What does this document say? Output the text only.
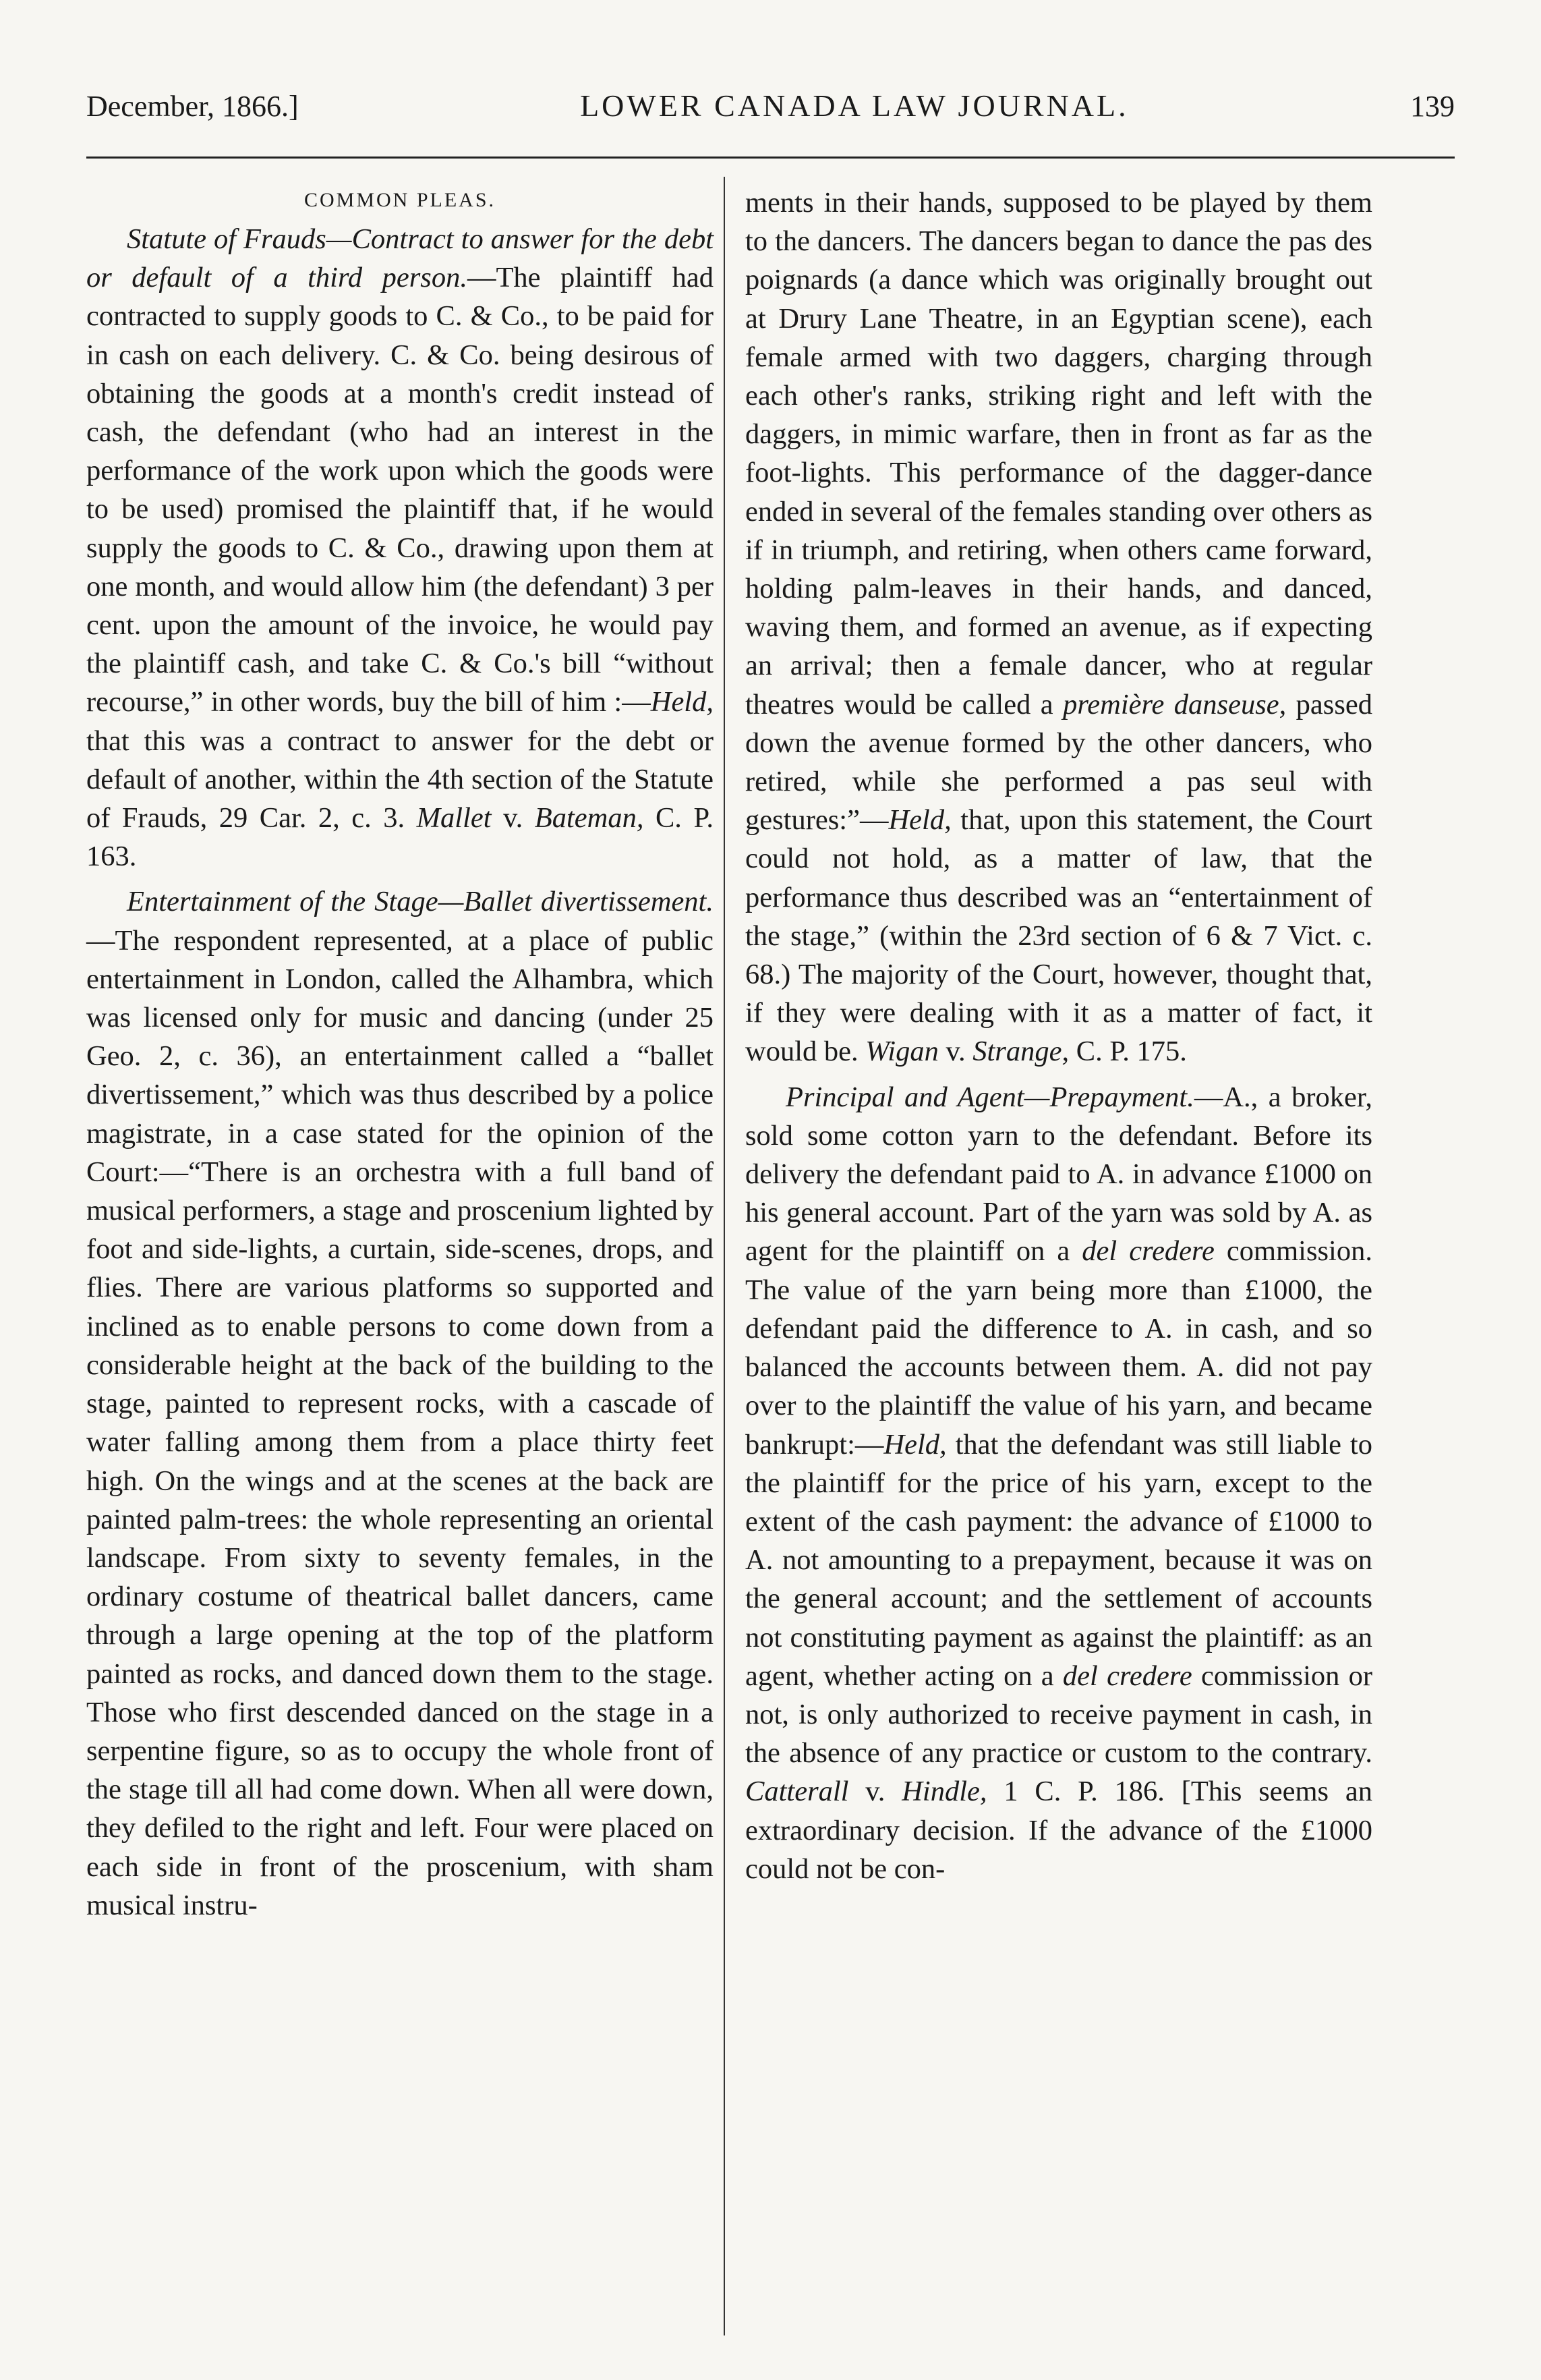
December, 1866.]	LOWER CANADA LAW JOURNAL.	139
COMMON PLEAS.

Statute of Frauds—Contract to answer for the debt or default of a third person.—The plaintiff had contracted to supply goods to C. & Co., to be paid for in cash on each delivery. C. & Co. being desirous of obtaining the goods at a month's credit instead of cash, the defendant (who had an interest in the performance of the work upon which the goods were to be used) promised the plaintiff that, if he would supply the goods to C. & Co., drawing upon them at one month, and would allow him (the defendant) 3 per cent. upon the amount of the invoice, he would pay the plaintiff cash, and take C. & Co.'s bill “without recourse,” in other words, buy the bill of him :—Held, that this was a contract to answer for the debt or default of another, within the 4th section of the Statute of Frauds, 29 Car. 2, c. 3. Mallet v. Bateman, C. P. 163.

Entertainment of the Stage—Ballet divertissement.—The respondent represented, at a place of public entertainment in London, called the Alhambra, which was licensed only for music and dancing (under 25 Geo. 2, c. 36), an entertainment called a “ballet divertissement,” which was thus described by a police magistrate, in a case stated for the opinion of the Court:—“There is an orchestra with a full band of musical performers, a stage and proscenium lighted by foot and side-lights, a curtain, side-scenes, drops, and flies. There are various platforms so supported and inclined as to enable persons to come down from a considerable height at the back of the building to the stage, painted to represent rocks, with a cascade of water falling among them from a place thirty feet high. On the wings and at the scenes at the back are painted palm-trees: the whole representing an oriental landscape. From sixty to seventy females, in the ordinary costume of theatrical ballet dancers, came through a large opening at the top of the platform painted as rocks, and danced down them to the stage. Those who first descended danced on the stage in a serpentine figure, so as to occupy the whole front of the stage till all had come down. When all were down, they defiled to the right and left. Four were placed on each side in front of the proscenium, with sham musical instru-

ments in their hands, supposed to be played by them to the dancers. The dancers began to dance the pas des poignards (a dance which was originally brought out at Drury Lane Theatre, in an Egyptian scene), each female armed with two daggers, charging through each other's ranks, striking right and left with the daggers, in mimic warfare, then in front as far as the foot-lights. This performance of the dagger-dance ended in several of the females standing over others as if in triumph, and retiring, when others came forward, holding palm-leaves in their hands, and danced, waving them, and formed an avenue, as if expecting an arrival; then a female dancer, who at regular theatres would be called a première danseuse, passed down the avenue formed by the other dancers, who retired, while she performed a pas seul with gestures:”—Held, that, upon this statement, the Court could not hold, as a matter of law, that the performance thus described was an “entertainment of the stage,” (within the 23rd section of 6 & 7 Vict. c. 68.) The majority of the Court, however, thought that, if they were dealing with it as a matter of fact, it would be. Wigan v. Strange, C. P. 175.

Principal and Agent—Prepayment.—A., a broker, sold some cotton yarn to the defendant. Before its delivery the defendant paid to A. in advance £1000 on his general account. Part of the yarn was sold by A. as agent for the plaintiff on a del credere commission. The value of the yarn being more than £1000, the defendant paid the difference to A. in cash, and so balanced the accounts between them. A. did not pay over to the plaintiff the value of his yarn, and became bankrupt:—Held, that the defendant was still liable to the plaintiff for the price of his yarn, except to the extent of the cash payment: the advance of £1000 to A. not amounting to a prepayment, because it was on the general account; and the settlement of accounts not constituting payment as against the plaintiff: as an agent, whether acting on a del credere commission or not, is only authorized to receive payment in cash, in the absence of any practice or custom to the contrary. Catterall v. Hindle, 1 C. P. 186. [This seems an extraordinary decision. If the advance of the £1000 could not be con-
